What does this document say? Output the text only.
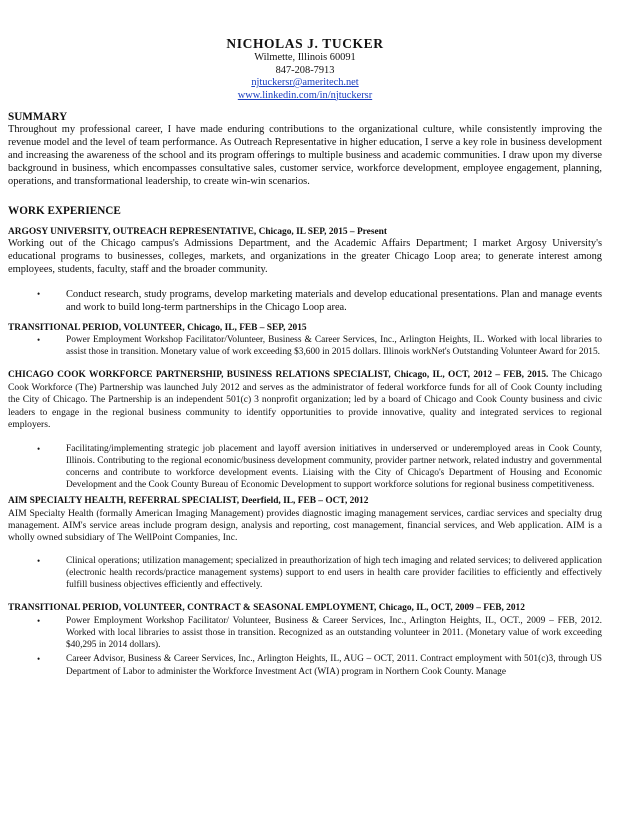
NICHOLAS J. TUCKER
Wilmette, Illinois 60091
847-208-7913
njtuckersr@ameritech.net
www.linkedin.com/in/njtuckersr
SUMMARY
Throughout my professional career, I have made enduring contributions to the organizational culture, while consistently improving the revenue model and the level of team performance. As Outreach Representative in higher education, I serve a key role in business development and increasing the awareness of the school and its program offerings to multiple business and academic communities. I draw upon my diverse background in business, which encompasses consultative sales, customer service, workforce development, employee engagement, planning, operations, and transformational leadership, to create win-win scenarios.
WORK EXPERIENCE
ARGOSY UNIVERSITY, OUTREACH REPRESENTATIVE, Chicago, IL SEP, 2015 – Present
Working out of the Chicago campus's Admissions Department, and the Academic Affairs Department; I market Argosy University's educational programs to businesses, colleges, markets, and organizations in the greater Chicago Loop area; to generate interest among employees, students, faculty, staff and the broader community.
• Conduct research, study programs, develop marketing materials and develop educational presentations. Plan and manage events and work to build long-term partnerships in the Chicago Loop area.
TRANSITIONAL PERIOD, VOLUNTEER, Chicago, IL, FEB – SEP, 2015
•	Power Employment Workshop Facilitator/Volunteer, Business & Career Services, Inc., Arlington Heights, IL. Worked with local libraries to assist those in transition. Monetary value of work exceeding $3,600 in 2015 dollars. Illinois workNet's Outstanding Volunteer Award for 2015.
CHICAGO COOK WORKFORCE PARTNERSHIP, BUSINESS RELATIONS SPECIALIST, Chicago, IL, OCT, 2012 – FEB, 2015. The Chicago Cook Workforce (The) Partnership was launched July 2012 and serves as the administrator of federal workforce funds for all of Cook County including the City of Chicago. The Partnership is an independent 501(c) 3 nonprofit organization; led by a board of Chicago and Cook County business and civic leaders to engage in the regional business community to identify opportunities to provide innovative, quality and integrated services to regional employers.
•	Facilitating/implementing strategic job placement and layoff aversion initiatives in underserved or underemployed areas in Cook County, Illinois. Contributing to the regional economic/business development community, provider partner network, related industry and governmental concerns and contribute to workforce development events. Liaising with the City of Chicago's Department of Housing and Economic Development and the Cook County Bureau of Economic Development to support workforce solutions for regional business competitiveness.
AIM SPECIALTY HEALTH, REFERRAL SPECIALIST, Deerfield, IL, FEB – OCT, 2012
AIM Specialty Health (formally American Imaging Management) provides diagnostic imaging management services, cardiac services and specialty drug management. AIM's service areas include program design, analysis and reporting, cost management, financial services, and Web application. AIM is a wholly owned subsidiary of The WellPoint Companies, Inc.
•	Clinical operations; utilization management; specialized in preauthorization of high tech imaging and related services; to delivered application (electronic health records/practice management systems) support to end users in health care provider facilities to efficiently and effectively fulfill business objectives efficiently and effectively.
TRANSITIONAL PERIOD, VOLUNTEER, CONTRACT & SEASONAL EMPLOYMENT, Chicago, IL, OCT, 2009 – FEB, 2012
•	Power Employment Workshop Facilitator/ Volunteer, Business & Career Services, Inc., Arlington Heights, IL, OCT., 2009 – FEB, 2012. Worked with local libraries to assist those in transition. Recognized as an outstanding volunteer in 2011. (Monetary value of work exceeding $40,295 in 2014 dollars).
•	Career Advisor, Business & Career Services, Inc., Arlington Heights, IL, AUG – OCT, 2011. Contract employment with 501(c)3, through US Department of Labor to administer the Workforce Investment Act (WIA) program in Northern Cook County. Manage
